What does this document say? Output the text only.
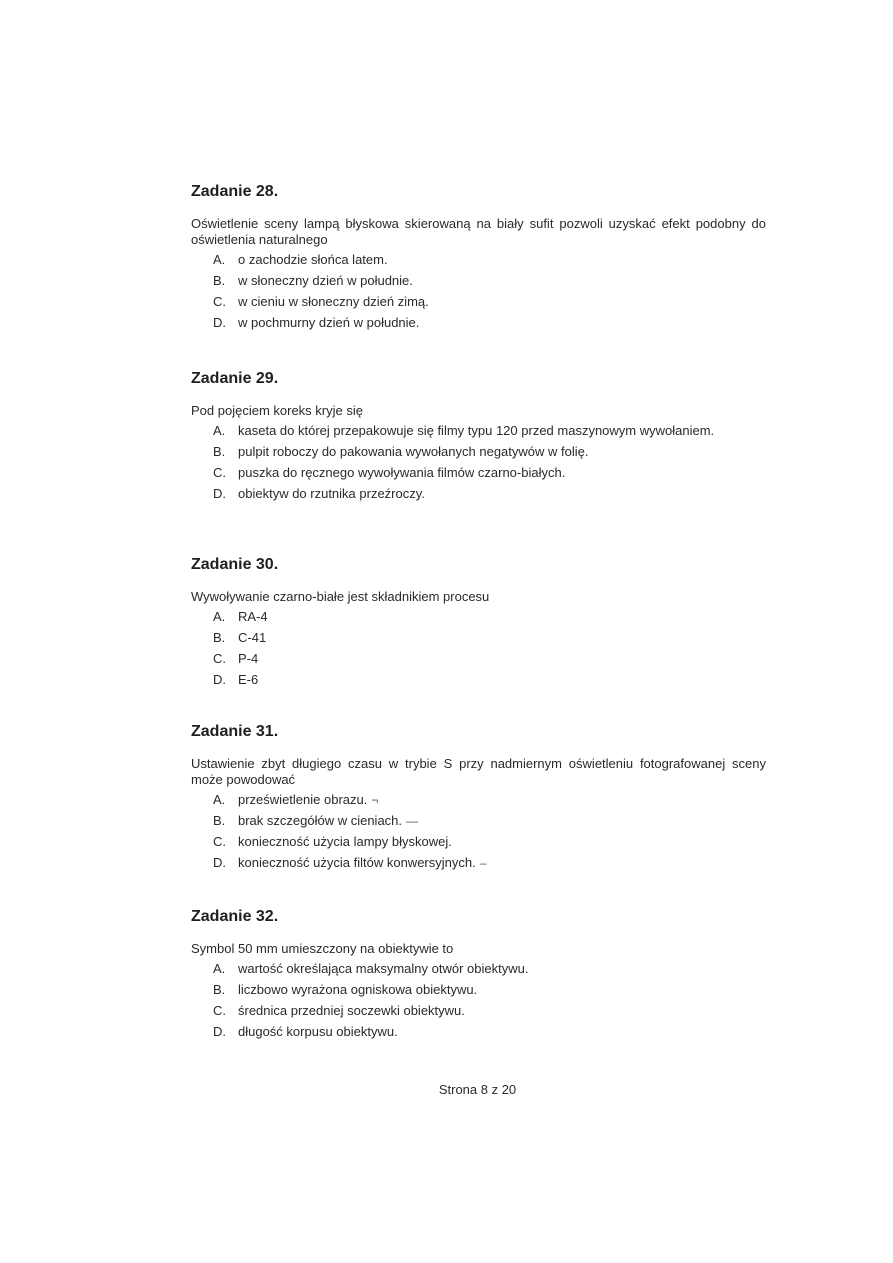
Zadanie 28.

Oświetlenie sceny lampą błyskowa skierowaną na biały sufit pozwoli uzyskać efekt podobny do oświetlenia naturalnego

A. o zachodzie słońca latem.
B. w słoneczny dzień w południe.
C. w cieniu w słoneczny dzień zimą.
D. w pochmurny dzień w południe.
Zadanie 29.

Pod pojęciem koreks kryje się

A. kaseta do której przepakowuje się filmy typu 120 przed maszynowym wywołaniem.
B. pulpit roboczy do pakowania wywołanych negatywów w folię.
C. puszka do ręcznego wywoływania filmów czarno-białych.
D. obiektyw do rzutnika przeźroczy.
Zadanie 30.

Wywoływanie czarno-białe jest składnikiem procesu

A. RA-4
B. C-41
C. P-4
D. E-6
Zadanie 31.

Ustawienie zbyt długiego czasu w trybie S przy nadmiernym oświetleniu fotografowanej sceny może powodować

A. prześwietlenie obrazu. ¬
B. brak szczegółów w cieniach. —
C. konieczność użycia lampy błyskowej.
D. konieczność użycia filtów konwersyjnych. –
Zadanie 32.

Symbol 50 mm umieszczony na obiektywie to

A. wartość określająca maksymalny otwór obiektywu.
B. liczbowo wyrażona ogniskowa obiektywu.
C. średnica przedniej soczewki obiektywu.
D. długość korpusu obiektywu.
Strona 8 z 20
